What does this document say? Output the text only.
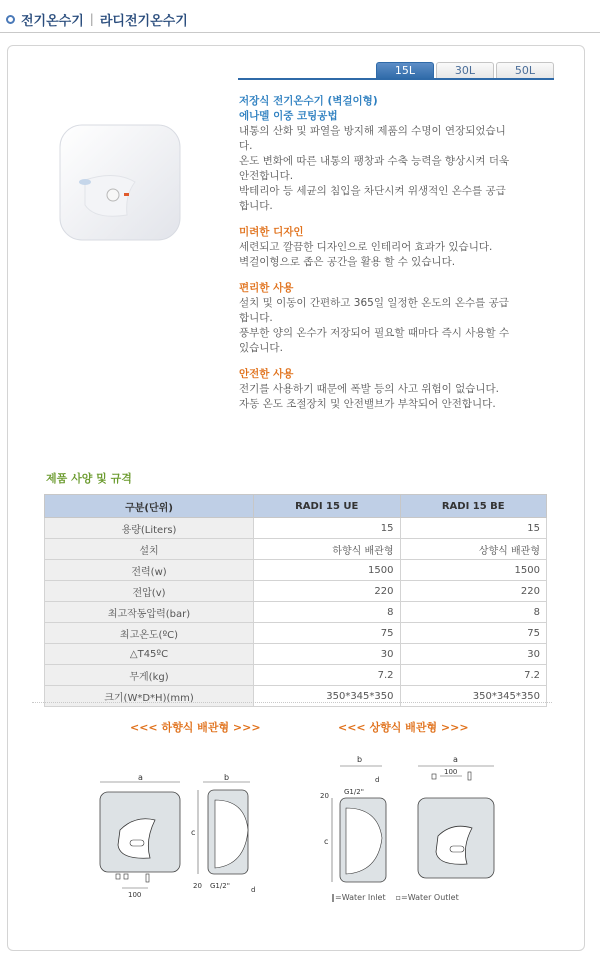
전기온수기 | 라디전기온수기
15L	30L	50L
저장식 전기온수기 (벽걸이형)

에나멜 이중 코팅공법

내통의 산화 및 파열을 방지해 제품의 수명이 연장되었습니다.

온도 변화에 따른 내통의 팽창과 수축 능력을 향상시켜 더욱 안전합니다.

박테리아 등 세균의 침입을 차단시켜 위생적인 온수를 공급합니다.

미려한 디자인

세련되고 깔끔한 디자인으로 인테리어 효과가 있습니다.

벽걸이형으로 좁은 공간을 활용 할 수 있습니다.

편리한 사용

설치 및 이동이 간편하고 365일 일정한 온도의 온수를 공급합니다.

풍부한 양의 온수가 저장되어 필요할 때마다 즉시 사용할 수 있습니다.

안전한 사용

전기를 사용하기 때문에 폭발 등의 사고 위험이 없습니다.

자동 온도 조절장치 및 안전밸브가 부착되어 안전합니다.

제품 사양 및 규격
구분(단위)	RADI 15 UE	RADI 15 BE
용량(Liters)	15	15
설치	하향식 배관형	상향식 배관형
전력(w)	1500	1500
전압(v)	220	220
최고작동압력(bar)	8	8
최고온도(ºC)	75	75
△T45ºC	30	30
무게(kg)	7.2	7.2
크기(W*D*H)(mm)	350*345*350	350*345*350
<<< 하향식 배관형 >>>	<<< 상향식 배관형 >>>
a
100
b
c
20 G1/2"	d
b
d
G1/2"
20
c
a
100
‖=Water Inlet ▫=Water Outlet
